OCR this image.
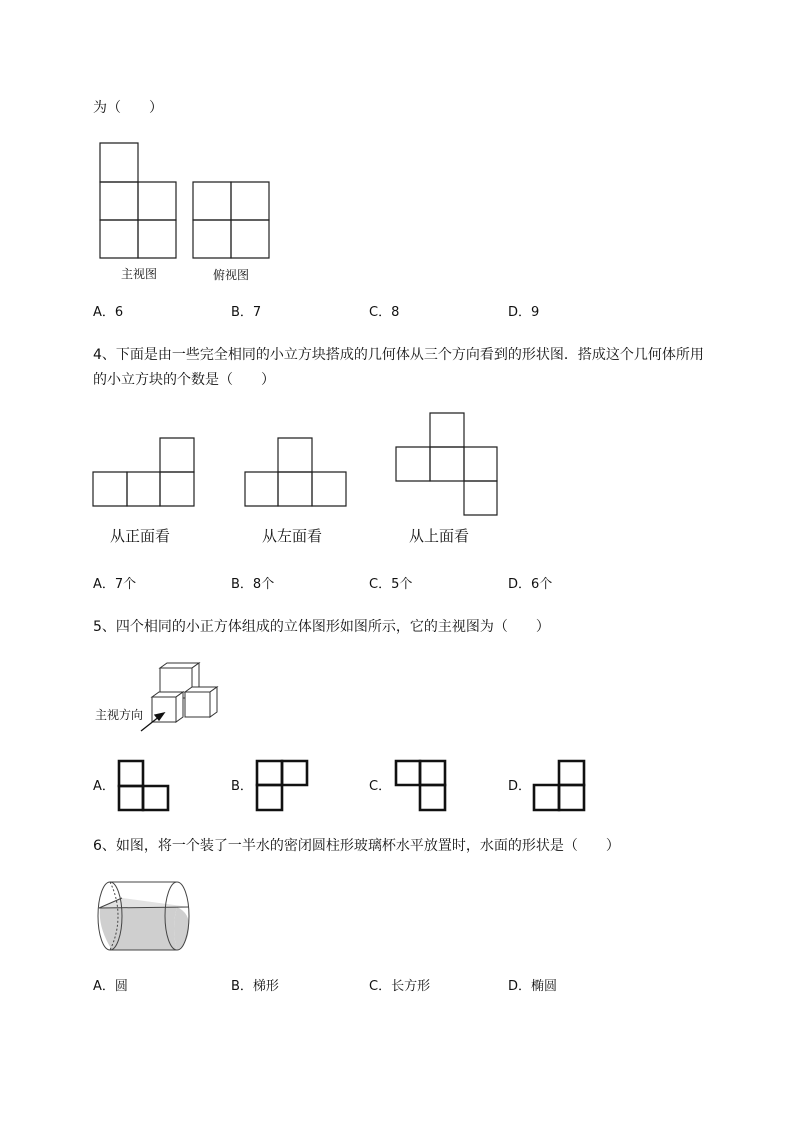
为（　　）
主视图	俯视图
A．6	B．7	C．8	D．9
4、下面是由一些完全相同的小立方块搭成的几何体从三个方向看到的形状图．搭成这个几何体所用
的小立方块的个数是（　　）
从正面看	从左面看	从上面看
A．7个	B．8个	C．5个	D．6个
5、四个相同的小正方体组成的立体图形如图所示，它的主视图为（　　）
主视方向
A．	B．	C．	D．
6、如图，将一个装了一半水的密闭圆柱形玻璃杯水平放置时，水面的形状是（　　）
A．圆	B．梯形	C．长方形	D．椭圆
